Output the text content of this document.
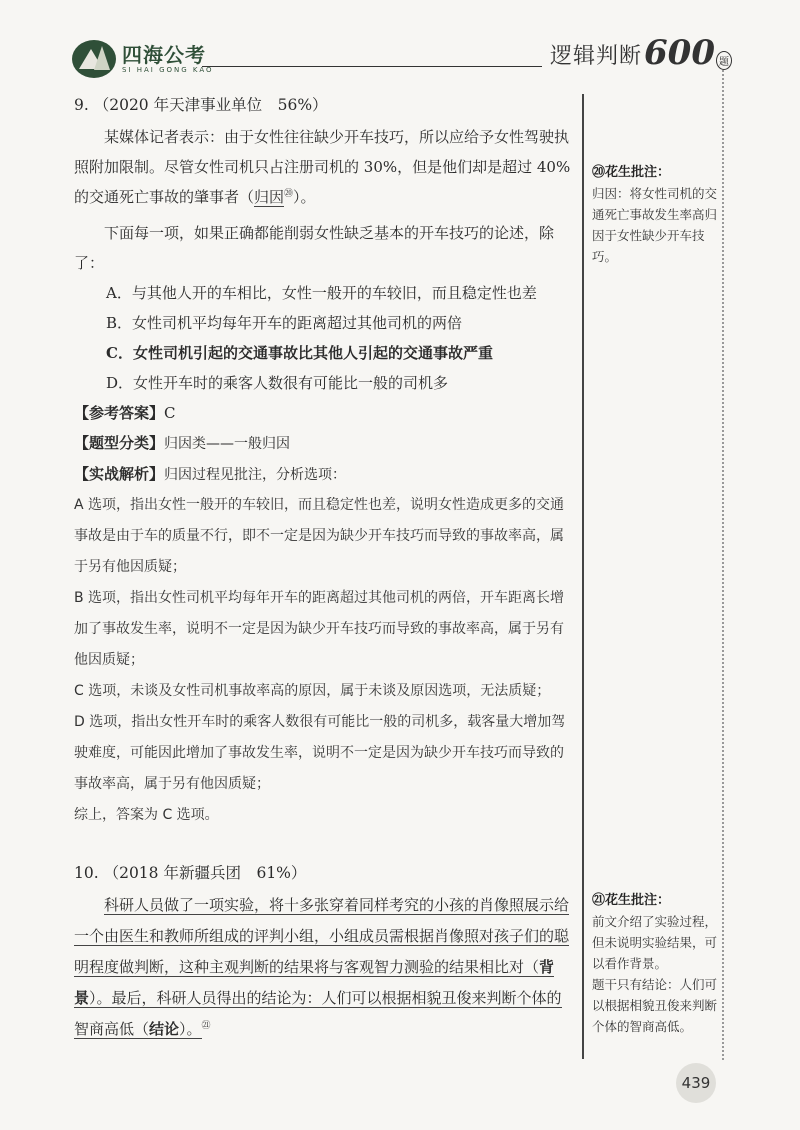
四海公考
SI HAI GONG KAO
逻辑判断 600 题
9. （2020 年天津事业单位　56%）

某媒体记者表示：由于女性往往缺少开车技巧，所以应给予女性驾驶执照附加限制。尽管女性司机只占注册司机的 30%，但是他们却是超过 40% 的交通死亡事故的肇事者（归因⑳）。

下面每一项，如果正确都能削弱女性缺乏基本的开车技巧的论述，除了：

A．与其他人开的车相比，女性一般开的车较旧，而且稳定性也差
B．女性司机平均每年开车的距离超过其他司机的两倍
C．女性司机引起的交通事故比其他人引起的交通事故严重
D．女性开车时的乘客人数很有可能比一般的司机多

【参考答案】C

【题型分类】归因类——一般归因

【实战解析】归因过程见批注，分析选项：

A 选项，指出女性一般开的车较旧，而且稳定性也差，说明女性造成更多的交通事故是由于车的质量不行，即不一定是因为缺少开车技巧而导致的事故率高，属于另有他因质疑；

B 选项，指出女性司机平均每年开车的距离超过其他司机的两倍，开车距离长增加了事故发生率，说明不一定是因为缺少开车技巧而导致的事故率高，属于另有他因质疑；

C 选项，未谈及女性司机事故率高的原因，属于未谈及原因选项，无法质疑；

D 选项，指出女性开车时的乘客人数很有可能比一般的司机多，载客量大增加驾驶难度，可能因此增加了事故发生率，说明不一定是因为缺少开车技巧而导致的事故率高，属于另有他因质疑；

综上，答案为 C 选项。

⑳花生批注：
归因：将女性司机的交通死亡事故发生率高归因于女性缺少开车技巧。
10. （2018 年新疆兵团　61%）

科研人员做了一项实验，将十多张穿着同样考究的小孩的肖像照展示给一个由医生和教师所组成的评判小组，小组成员需根据肖像照对孩子们的聪明程度做判断，这种主观判断的结果将与客观智力测验的结果相比对（背景）。最后，科研人员得出的结论为：人们可以根据相貌丑俊来判断个体的智商高低（结论）。$^㉑$

㉑花生批注：
前文介绍了实验过程，但未说明实验结果，可以看作背景。
题干只有结论：人们可以根据相貌丑俊来判断个体的智商高低。
439
